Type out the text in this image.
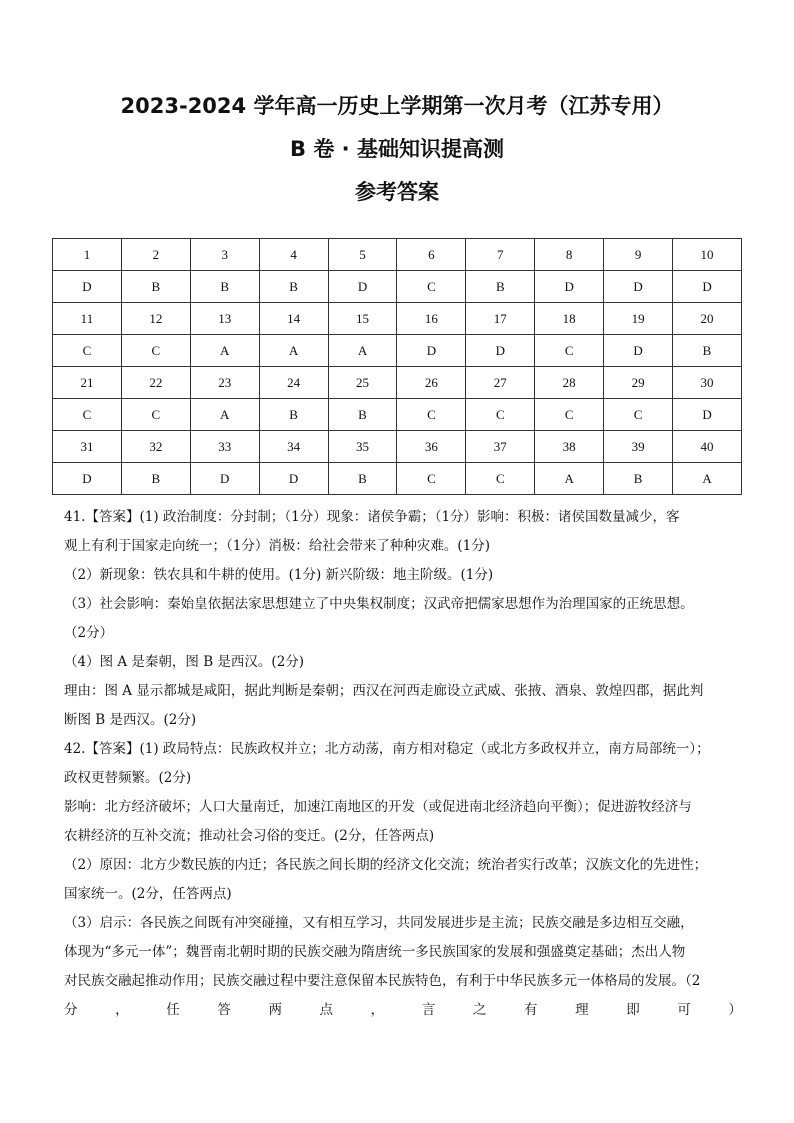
2023-2024 学年高一历史上学期第一次月考（江苏专用）
B 卷 · 基础知识提高测
参考答案
1	2	3	4	5	6	7	8	9	10
D	B	B	B	D	C	B	D	D	D
11	12	13	14	15	16	17	18	19	20
C	C	A	A	A	D	D	C	D	B
21	22	23	24	25	26	27	28	29	30
C	C	A	B	B	C	C	C	C	D
31	32	33	34	35	36	37	38	39	40
D	B	D	D	B	C	C	A	B	A
41.【答案】(1) 政治制度：分封制；（1分）现象：诸侯争霸；（1分）影响：积极：诸侯国数量减少，客
观上有利于国家走向统一；（1分）消极：给社会带来了种种灾难。(1分)
（2）新现象：铁农具和牛耕的使用。(1分) 新兴阶级：地主阶级。(1分)
（3）社会影响：秦始皇依据法家思想建立了中央集权制度；汉武帝把儒家思想作为治理国家的正统思想。
（2分）
（4）图 A 是秦朝，图 B 是西汉。(2分)
理由：图 A 显示都城是咸阳，据此判断是秦朝；西汉在河西走廊设立武威、张掖、酒泉、敦煌四郡，据此判
断图 B 是西汉。(2分)
42.【答案】(1) 政局特点：民族政权并立；北方动荡，南方相对稳定（或北方多政权并立，南方局部统一）；
政权更替频繁。(2分)
影响：北方经济破坏；人口大量南迁，加速江南地区的开发（或促进南北经济趋向平衡）；促进游牧经济与
农耕经济的互补交流；推动社会习俗的变迁。(2分，任答两点)
（2）原因：北方少数民族的内迁；各民族之间长期的经济文化交流；统治者实行改革；汉族文化的先进性；
国家统一。(2分，任答两点)
（3）启示：各民族之间既有冲突碰撞，又有相互学习，共同发展进步是主流；民族交融是多边相互交融，
体现为“多元一体”；魏晋南北朝时期的民族交融为隋唐统一多民族国家的发展和强盛奠定基础；杰出人物
对民族交融起推动作用；民族交融过程中要注意保留本民族特色，有利于中华民族多元一体格局的发展。（2
分	，	任	答	两	点	，	言	之	有	理	即	可	）
